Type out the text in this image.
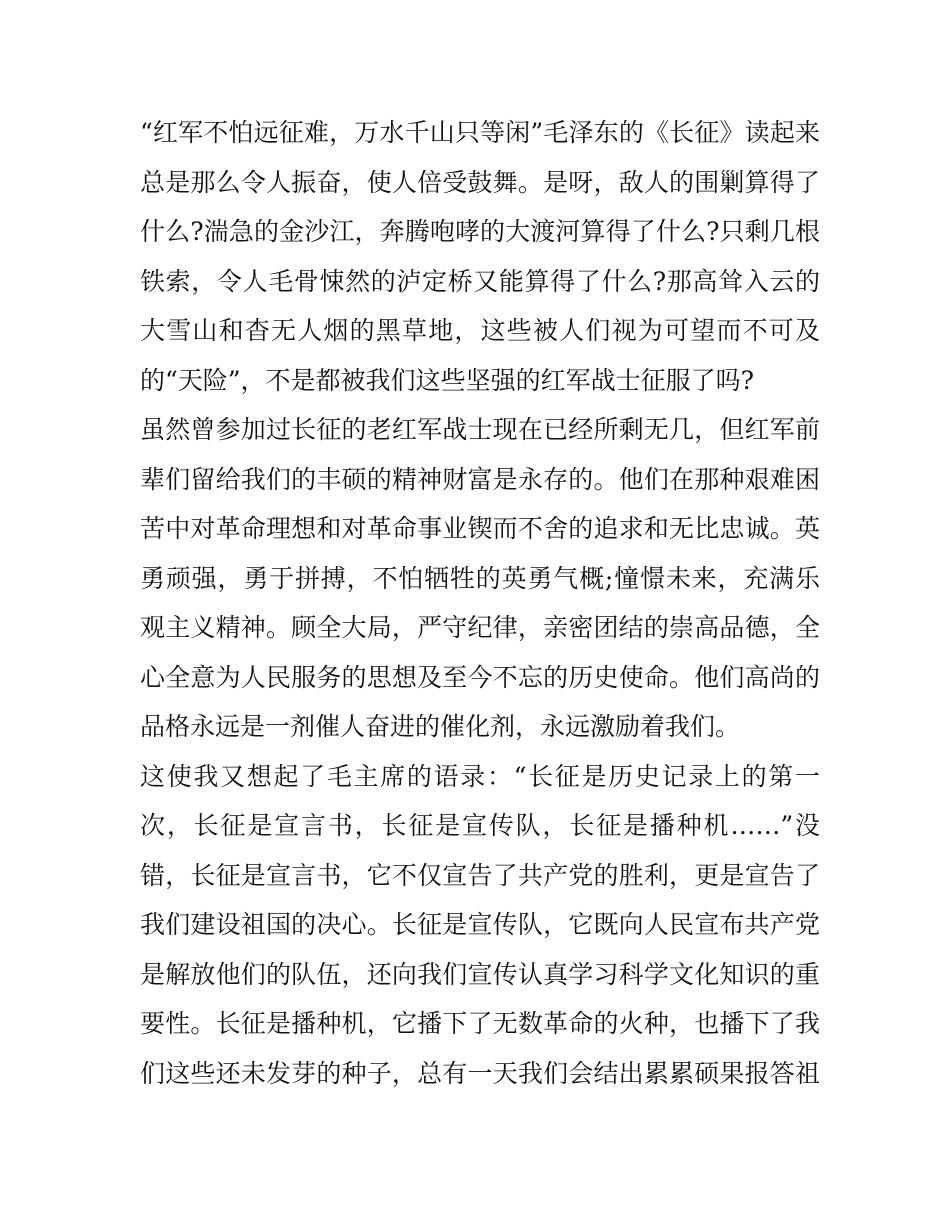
“红军不怕远征难，万水千山只等闲”毛泽东的《长征》读起来
总是那么令人振奋，使人倍受鼓舞。是呀，敌人的围剿算得了
什么?湍急的金沙江，奔腾咆哮的大渡河算得了什么?只剩几根
铁索，令人毛骨悚然的泸定桥又能算得了什么?那高耸入云的
大雪山和杳无人烟的黑草地，这些被人们视为可望而不可及
的“天险”，不是都被我们这些坚强的红军战士征服了吗?
虽然曾参加过长征的老红军战士现在已经所剩无几，但红军前
辈们留给我们的丰硕的精神财富是永存的。他们在那种艰难困
苦中对革命理想和对革命事业锲而不舍的追求和无比忠诚。英
勇顽强，勇于拼搏，不怕牺牲的英勇气概;憧憬未来，充满乐
观主义精神。顾全大局，严守纪律，亲密团结的崇高品德，全
心全意为人民服务的思想及至今不忘的历史使命。他们高尚的
品格永远是一剂催人奋进的催化剂，永远激励着我们。
这使我又想起了毛主席的语录：“长征是历史记录上的第一
次，长征是宣言书，长征是宣传队，长征是播种机……”没
错，长征是宣言书，它不仅宣告了共产党的胜利，更是宣告了
我们建设祖国的决心。长征是宣传队，它既向人民宣布共产党
是解放他们的队伍，还向我们宣传认真学习科学文化知识的重
要性。长征是播种机，它播下了无数革命的火种，也播下了我
们这些还未发芽的种子，总有一天我们会结出累累硕果报答祖
